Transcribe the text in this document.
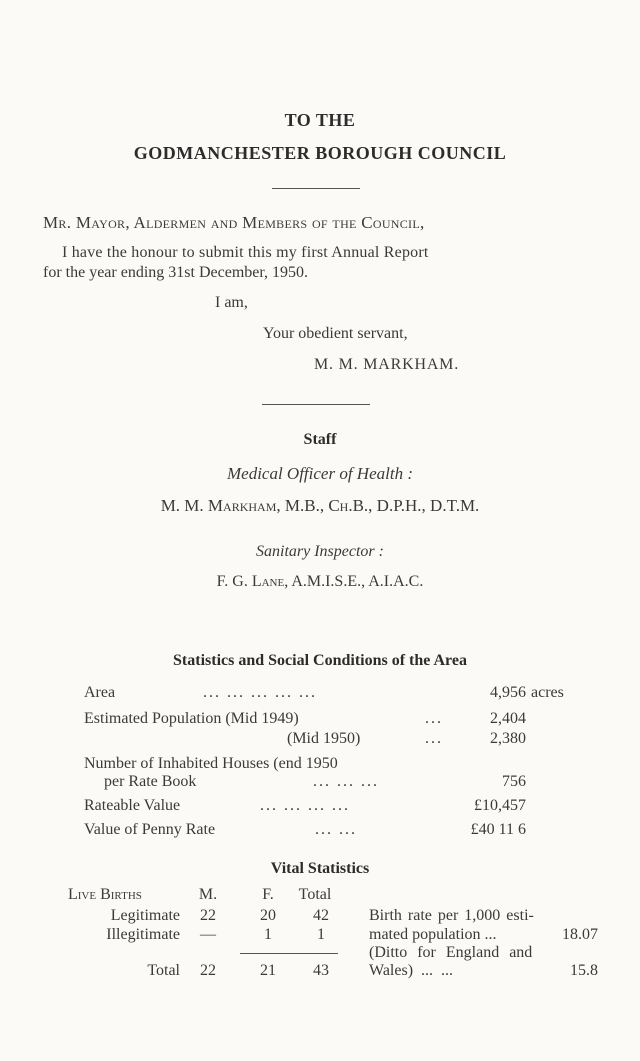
TO THE
GODMANCHESTER BOROUGH COUNCIL
Mr. Mayor, Aldermen and Members of the Council,
I have the honour to submit this my first Annual Report
for the year ending 31st December, 1950.
I am,
Your obedient servant,
M. M. MARKHAM.
Staff
Medical Officer of Health :
M. M. Markham, M.B., Ch.B., D.P.H., D.T.M.
Sanitary Inspector :
F. G. Lane, A.M.I.S.E., A.I.A.C.
Statistics and Social Conditions of the Area
Area	... ... ... ... ...	4,956 acres
Estimated Population (Mid 1949)	...	2,404
(Mid 1950)	...	2,380
Number of Inhabited Houses (end 1950
per Rate Book	... ... ...	756
Rateable Value	... ... ... ...	£10,457
Value of Penny Rate	... ...	£40 11 6
Vital Statistics
Live Births	M.	F.	Total
Legitimate	22	20	42
Illegitimate	—	1	1
Total	22	21	43
Birth rate per 1,000 esti-
mated population ...	18.07
(Ditto for England and
Wales) ... ...	15.8
